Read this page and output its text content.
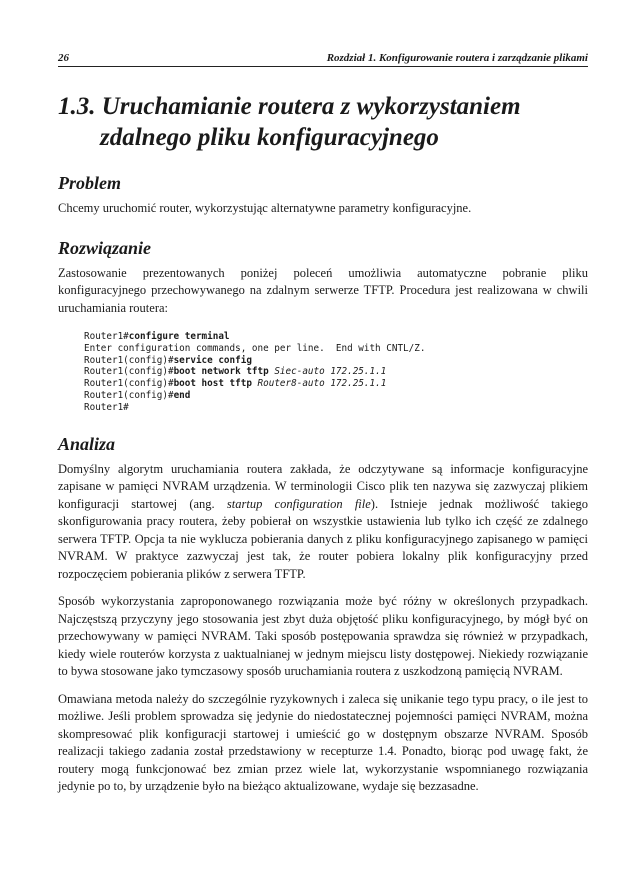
26	Rozdział 1. Konfigurowanie routera i zarządzanie plikami
1.3. Uruchamianie routera z wykorzystaniem
zdalnego pliku konfiguracyjnego
Problem

Chcemy uruchomić router, wykorzystując alternatywne parametry konfiguracyjne.

Rozwiązanie

Zastosowanie prezentowanych poniżej poleceń umożliwia automatyczne pobranie pliku konfiguracyjnego przechowywanego na zdalnym serwerze TFTP. Procedura jest realizowana w chwili uruchamiania routera:

Router1#configure terminal
Enter configuration commands, one per line.  End with CNTL/Z.
Router1(config)#service config
Router1(config)#boot network tftp Siec-auto 172.25.1.1
Router1(config)#boot host tftp Router8-auto 172.25.1.1
Router1(config)#end
Router1#
Analiza

Domyślny algorytm uruchamiania routera zakłada, że odczytywane są informacje konfiguracyjne zapisane w pamięci NVRAM urządzenia. W terminologii Cisco plik ten nazywa się zazwyczaj plikiem konfiguracji startowej (ang. startup configuration file). Istnieje jednak możliwość takiego skonfigurowania pracy routera, żeby pobierał on wszystkie ustawienia lub tylko ich część ze zdalnego serwera TFTP. Opcja ta nie wyklucza pobierania danych z pliku konfiguracyjnego zapisanego w pamięci NVRAM. W praktyce zazwyczaj jest tak, że router pobiera lokalny plik konfiguracyjny przed rozpoczęciem pobierania plików z serwera TFTP.

Sposób wykorzystania zaproponowanego rozwiązania może być różny w określonych przypadkach. Najczęstszą przyczyny jego stosowania jest zbyt duża objętość pliku konfiguracyjnego, by mógł być on przechowywany w pamięci NVRAM. Taki sposób postępowania sprawdza się również w przypadkach, kiedy wiele routerów korzysta z uaktualnianej w jednym miejscu listy dostępowej. Niekiedy rozwiązanie to bywa stosowane jako tymczasowy sposób uruchamiania routera z uszkodzoną pamięcią NVRAM.

Omawiana metoda należy do szczególnie ryzykownych i zaleca się unikanie tego typu pracy, o ile jest to możliwe. Jeśli problem sprowadza się jedynie do niedostatecznej pojemności pamięci NVRAM, można skompresować plik konfiguracji startowej i umieścić go w dostępnym obszarze NVRAM. Sposób realizacji takiego zadania został przedstawiony w recepturze 1.4. Ponadto, biorąc pod uwagę fakt, że routery mogą funkcjonować bez zmian przez wiele lat, wykorzystanie wspomnianego rozwiązania jedynie po to, by urządzenie było na bieżąco aktualizowane, wydaje się bezzasadne.
